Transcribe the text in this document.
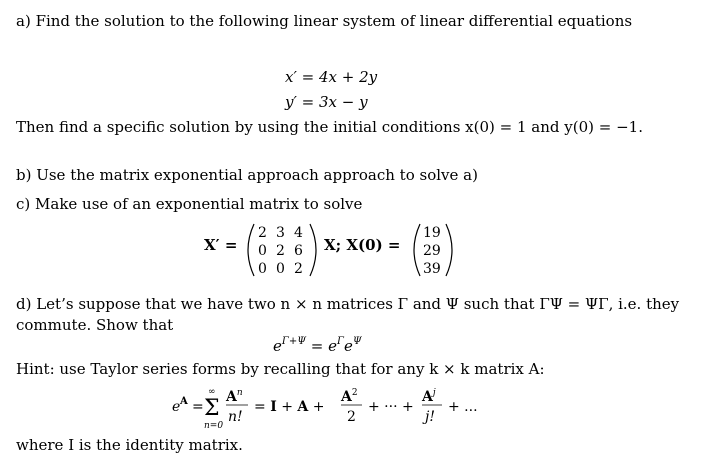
a) Find the solution to the following linear system of linear differential equations
x′ = 4x + 2y
y′ = 3x − y
Then find a specific solution by using the initial conditions x(0) = 1 and y(0) = −1.
b) Use the matrix exponential approach approach to solve a)
c) Make use of an exponential matrix to solve
X′ =
2 3 4
0 2 6
0 0 2
19
29
39
X; X(0) =
d) Let’s suppose that we have two n × n matrices Γ and Ψ such that ΓΨ = ΨΓ, i.e. they
commute. Show that
$e^{\Gamma+\Psi} = e^\Gamma e^\Psi$
Hint: use Taylor series forms by recalling that for any k × k matrix A:
e A =
∞
Σ
n=0
$A^n$
n!
= I + A +
$A^2$
2
+ ··· +
$A^j$
j!
+ ...
where I is the identity matrix.
